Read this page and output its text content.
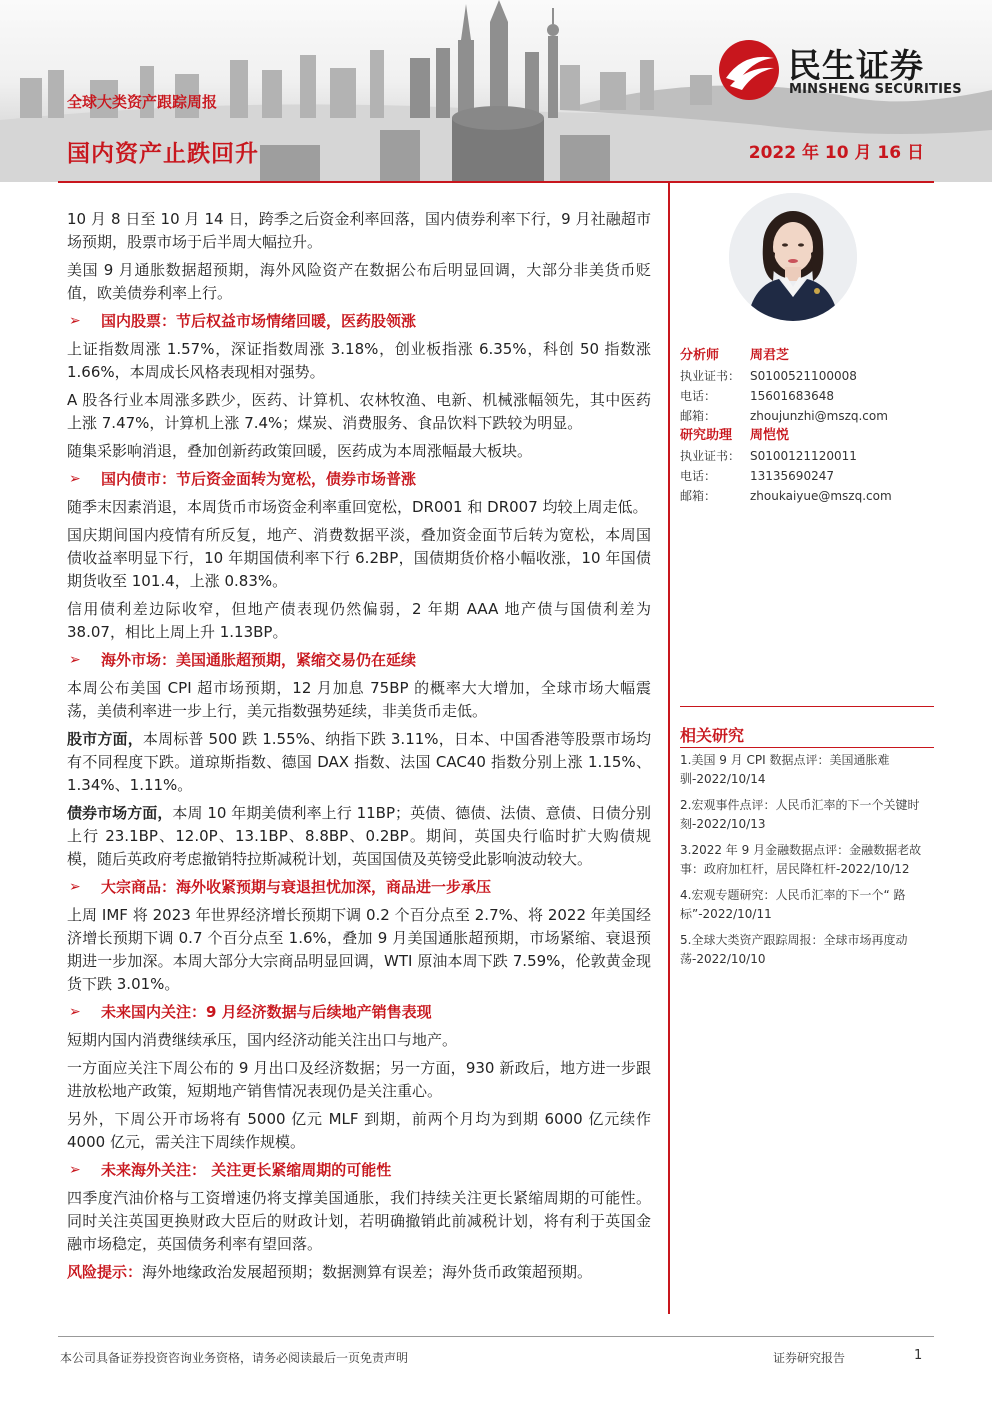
全球大类资产跟踪周报
国内资产止跌回升	2022 年 10 月 16 日
民生证券
MINSHENG SECURITIES
10 月 8 日至 10 月 14 日，跨季之后资金利率回落，国内债券利率下行，9 月社融超市场预期，股票市场于后半周大幅拉升。
美国 9 月通胀数据超预期，海外风险资产在数据公布后明显回调，大部分非美货币贬值，欧美债券利率上行。
➢ 国内股票：节后权益市场情绪回暖，医药股领涨
上证指数周涨 1.57%，深证指数周涨 3.18%，创业板指涨 6.35%，科创 50 指数涨 1.66%，本周成长风格表现相对强势。
A 股各行业本周涨多跌少，医药、计算机、农林牧渔、电新、机械涨幅领先，其中医药上涨 7.47%，计算机上涨 7.4%；煤炭、消费服务、食品饮料下跌较为明显。
随集采影响消退，叠加创新药政策回暖，医药成为本周涨幅最大板块。
➢ 国内债市：节后资金面转为宽松，债券市场普涨
随季末因素消退，本周货币市场资金利率重回宽松，DR001 和 DR007 均较上周走低。
国庆期间国内疫情有所反复，地产、消费数据平淡，叠加资金面节后转为宽松，本周国债收益率明显下行，10 年期国债利率下行 6.2BP，国债期货价格小幅收涨，10 年国债期货收至 101.4，上涨 0.83%。
信用债利差边际收窄，但地产债表现仍然偏弱，2 年期 AAA 地产债与国债利差为 38.07，相比上周上升 1.13BP。
➢ 海外市场：美国通胀超预期，紧缩交易仍在延续
本周公布美国 CPI 超市场预期，12 月加息 75BP 的概率大大增加，全球市场大幅震荡，美债利率进一步上行，美元指数强势延续，非美货币走低。
股市方面，本周标普 500 跌 1.55%、纳指下跌 3.11%，日本、中国香港等股票市场均有不同程度下跌。道琼斯指数、德国 DAX 指数、法国 CAC40 指数分别上涨 1.15%、1.34%、1.11%。
债券市场方面，本周 10 年期美债利率上行 11BP；英债、德债、法债、意债、日债分别上行 23.1BP、12.0P、13.1BP、8.8BP、0.2BP。期间，英国央行临时扩大购债规模，随后英政府考虑撤销特拉斯减税计划，英国国债及英镑受此影响波动较大。
➢ 大宗商品：海外收紧预期与衰退担忧加深，商品进一步承压
上周 IMF 将 2023 年世界经济增长预期下调 0.2 个百分点至 2.7%、将 2022 年美国经济增长预期下调 0.7 个百分点至 1.6%，叠加 9 月美国通胀超预期，市场紧缩、衰退预期进一步加深。本周大部分大宗商品明显回调，WTI 原油本周下跌 7.59%，伦敦黄金现货下跌 3.01%。
➢ 未来国内关注：9 月经济数据与后续地产销售表现
短期内国内消费继续承压，国内经济动能关注出口与地产。
一方面应关注下周公布的 9 月出口及经济数据；另一方面，930 新政后，地方进一步跟进放松地产政策，短期地产销售情况表现仍是关注重心。
另外，下周公开市场将有 5000 亿元 MLF 到期，前两个月均为到期 6000 亿元续作 4000 亿元，需关注下周续作规模。
➢ 未来海外关注： 关注更长紧缩周期的可能性
四季度汽油价格与工资增速仍将支撑美国通胀，我们持续关注更长紧缩周期的可能性。同时关注英国更换财政大臣后的财政计划，若明确撤销此前减税计划，将有利于英国金融市场稳定，英国债务利率有望回落。
风险提示：海外地缘政治发展超预期；数据测算有误差；海外货币政策超预期。
分析师 周君芝
执业证书： S0100521100008
电话：	15601683648
邮箱：	zhoujunzhi@mszq.com
研究助理 周恺悦
执业证书： S0100121120011
电话：	13135690247
邮箱：	zhoukaiyue@mszq.com
相关研究
1.美国 9 月 CPI 数据点评：美国通胀难驯-2022/10/14
2.宏观事件点评：人民币汇率的下一个关键时刻-2022/10/13
3.2022 年 9 月金融数据点评：金融数据老故事：政府加杠杆，居民降杠杆-2022/10/12
4.宏观专题研究：人民币汇率的下一个“ 路标”-2022/10/11
5.全球大类资产跟踪周报：全球市场再度动荡-2022/10/10
本公司具备证券投资咨询业务资格，请务必阅读最后一页免责声明	证券研究报告	1
